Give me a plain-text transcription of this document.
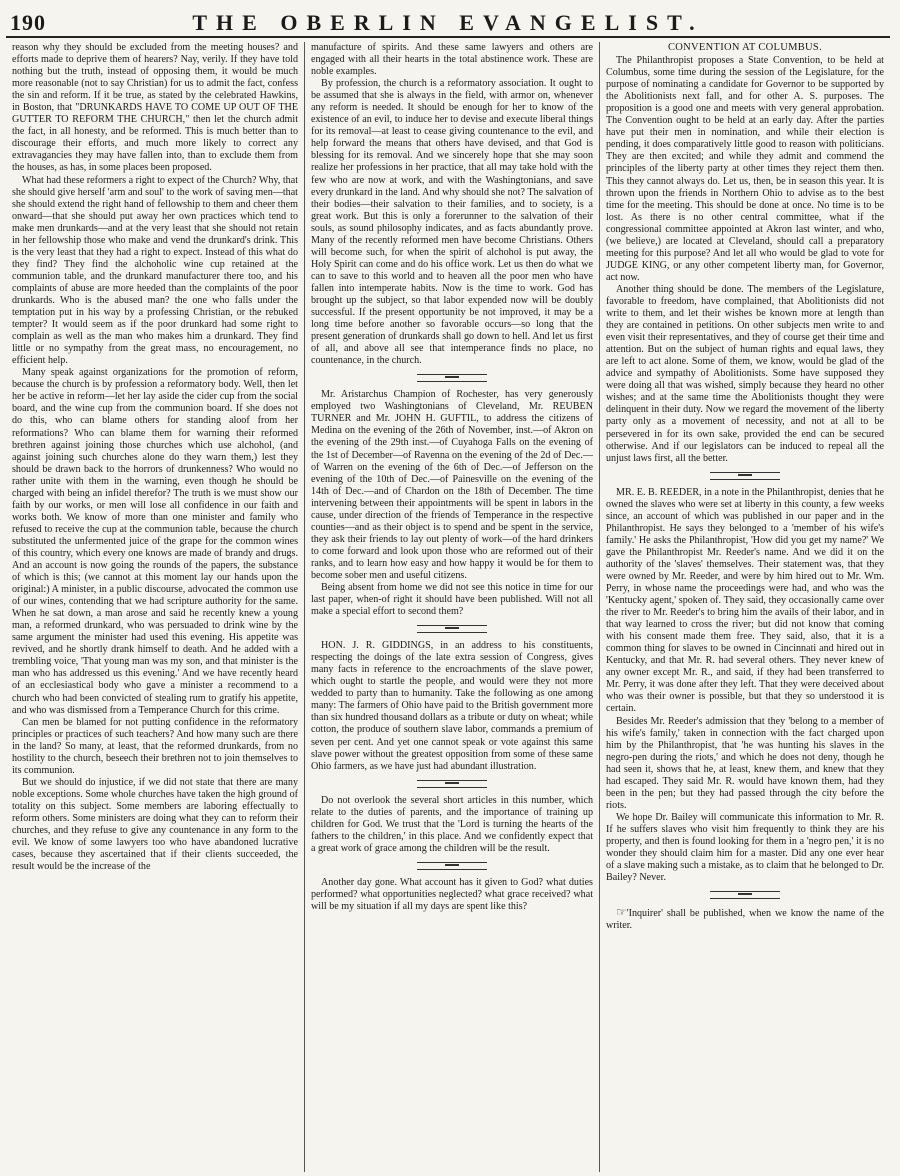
190	THE OBERLIN EVANGELIST.

reason why they should be excluded from the meeting houses? and efforts made to deprive them of hearers? Nay, verily. If they have told nothing but the truth, instead of opposing them, it would be much more reasonable (not to say Christian) for us to admit the fact, confess the sin and reform. If it be true, as stated by the celebrated Hawkins, in Boston, that "DRUNKARDS HAVE TO COME UP OUT OF THE GUTTER TO REFORM THE CHURCH," then let the church admit the fact, in all honesty, and be reformed. This is much better than to discourage their efforts, and much more likely to correct any extravagancies they may have fallen into, than to exclude them from the houses, as has, in some places been proposed.

What had these reformers a right to expect of the Church? Why, that she should give herself 'arm and soul' to the work of saving men—that she should extend the right hand of fellowship to them and cheer them onward—that she should put away her own practices which tend to make men drunkards—and at the very least that she should not retain in her fellowship those who make and vend the drunkard's drink. This is the very least that they had a right to expect. Instead of this what do they find? They find the alchoholic wine cup retained at the communion table, and the drunkard manufacturer there too, and his complaints of abuse are more heeded than the complaints of the poor drunkards. Who is the abused man? the one who falls under the temptation put in his way by a professing Christian, or the rebuked tempter? It would seem as if the poor drunkard had some right to complain as well as the man who makes him a drunkard. They find little or no sympathy from the great mass, no encouragement, no efficient help.

Many speak against organizations for the promotion of reform, because the church is by profession a reformatory body. Well, then let her be active in reform—let her lay aside the cider cup from the social board, and the wine cup from the communion board. If she does not do this, who can blame others for standing aloof from her reformations? Who can blame them for warning their reformed brethren against joining those churches which use alchohol, (and against joining such churches alone do they warn them,) lest they should be drawn back to the horrors of drunkenness? Who would no rather unite with them in the warning, even though he should be charged with being an infidel therefor? The truth is we must show our faith by our works, or men will lose all confidence in our faith and works both. We know of more than one minister and family who refused to receive the cup at the communion table, because the church substituted the unfermented juice of the grape for the common wines of this country, which every one knows are made of brandy and drugs. And an account is now going the rounds of the papers, the substance of which is this; (we cannot at this moment lay our hands upon the original:) A minister, in a public discourse, advocated the common use of our wines, contending that we had scripture authority for the same. When he sat down, a man arose and said he recently knew a young man, a reformed drunkard, who was persuaded to drink wine by the same argument the minister had used this evening. His appetite was revived, and he shortly drank himself to death. And he added with a trembling voice, 'That young man was my son, and that minister is the man who has addressed us this evening.' And we have recently heard of an ecclesiastical body who gave a minister a recommend to a church who had been convicted of stealing rum to gratify his appetite, and who was dismissed from a Temperance Church for this crime.

Can men be blamed for not putting confidence in the reformatory principles or practices of such teachers? And how many such are there in the land? So many, at least, that the reformed drunkards, from no hostility to the church, beseech their brethren not to join themselves to its communion.

But we should do injustice, if we did not state that there are many noble exceptions. Some whole churches have taken the high ground of totality on this subject. Some members are laboring effectually to reform others. Some ministers are doing what they can to reform their churches, and they refuse to give any countenance in any form to the evil. We know of some lawyers too who have abandoned lucrative cases, because they ascertained that if their clients succeeded, the result would be the increase of the

manufacture of spirits. And these same lawyers and others are engaged with all their hearts in the total abstinence work. These are noble examples.

By profession, the church is a reformatory association. It ought to be assumed that she is always in the field, with armor on, whenever any reform is needed. It should be enough for her to know of the existence of an evil, to induce her to devise and execute liberal things for its removal—at least to cease giving countenance to the evil, and help forward the means that others have devised, and that God is blessing for its removal. And we sincerely hope that she may soon realize her professions in her practice, that all may take hold with the few who are now at work, and with the Washingtonians, and save every drunkard in the land. And why should she not? The salvation of their bodies—their salvation to their families, and to society, is a great work. But this is only a forerunner to the salvation of their souls, as sound philosophy indicates, and as facts abundantly prove. Many of the recently reformed men have become Christians. Others will become such, for when the spirit of alchohol is put away, the Holy Spirit can come and do his office work. Let us then do what we can to save to this world and to heaven all the poor men who have fallen into intemperate habits. Now is the time to work. God has brought up the subject, so that labor expended now will be doubly successful. If the present opportunity be not improved, it may be a long time before another so favorable occurs—so long that the present generation of drunkards shall go down to hell. And let us first of all, and above all see that intemperance finds no place, no countenance, in the church.

Mr. Aristarchus Champion of Rochester, has very generously employed two Washingtonians of Cleveland, Mr. REUBEN TURNER and Mr. JOHN H. GUFTIL, to address the citizens of Medina on the evening of the 26th of November, inst.—of Akron on the evening of the 29th inst.—of Cuyahoga Falls on the evening of the 1st of December—of Ravenna on the evening of the 2d of Dec.—of Warren on the evening of the 6th of Dec.—of Jefferson on the evening of the 10th of Dec.—of Painesville on the evening of the 14th of Dec.—and of Chardon on the 18th of December. The time intervening between their appointments will be spent in labors in the cause, under direction of the friends of Temperance in the respective counties—and as their object is to spend and be spent in the service, they ask their friends to lay out plenty of work—of the hard drinkers to come forward and look upon those who are reformed out of their ranks, and to learn how easy and how happy it would be for them to become sober men and useful citizens.

Being absent from home we did not see this notice in time for our last paper, when-of right it should have been published. Will not all make a special effort to second them?

HON. J. R. GIDDINGS, in an address to his constituents, respecting the doings of the late extra session of Congress, gives many facts in reference to the encroachments of the slave power, which ought to startle the people, and would were they not more wedded to party than to humanity. Take the following as one among many: The farmers of Ohio have paid to the British government more than six hundred thousand dollars as a tribute or duty on wheat; while cotton, the produce of southern slave labor, commands a premium of seven per cent. And yet one cannot speak or vote against this same slave power without the greatest opposition from some of these same Ohio farmers, as we have just had abundant illustration.

Do not overlook the several short articles in this number, which relate to the duties of parents, and the importance of training up children for God. We trust that the 'Lord is turning the hearts of the fathers to the children,' in this place. And we confidently expect that a great work of grace among the children will be the result.

Another day gone. What account has it given to God? what duties performed? what opportunities neglected? what grace received? what will be my situation if all my days are spent like this?

CONVENTION AT COLUMBUS.

The Philanthropist proposes a State Convention, to be held at Columbus, some time during the session of the Legislature, for the purpose of nominating a candidate for Governor to be supported by the Abolitionists next fall, and for other A. S. purposes. The proposition is a good one and meets with very general approbation. The Convention ought to be held at an early day. After the parties have put their men in nomination, and while their election is pending, it does comparatively little good to reason with politicians. They are then excited; and while they admit and commend the principles of the liberty party at other times they reject them then. This they cannot always do. Let us, then, be in season this year. It is thrown upon the friends in Northern Ohio to advise as to the best time for the meeting. This should be done at once. No time is to be lost. As there is no other central committee, what if the congressional committee appointed at Akron last winter, and who, (we believe,) are located at Cleveland, should call a preparatory meeting for this purpose? And let all who would be glad to vote for JUDGE KING, or any other competent liberty man, for Governor, act now.

Another thing should be done. The members of the Legislature, favorable to freedom, have complained, that Abolitionists did not write to them, and let their wishes be known more at length than they are contained in petitions. On other subjects men write to and even visit their representatives, and they of course get their time and attention. But on the subject of human rights and equal laws, they are left to act alone. Some of them, we know, would be glad of the advice and sympathy of Abolitionists. Some have supposed they were doing all that was wished, simply because they heard no other wishes; and at the same time the Abolitionists thought they were delinquent in their duty. Now we regard the movement of the liberty party only as a movement of necessity, and not at all to be persevered in for its own sake, provided the end can be secured otherwise. And if our legislators can be induced to repeal all the unjust laws first, all the better.

MR. E. B. REEDER, in a note in the Philanthropist, denies that he owned the slaves who were set at liberty in this county, a few weeks since, an account of which was published in our paper and in the Philanthropist. He says they belonged to a 'member of his wife's family.' He asks the Philanthropist, 'How did you get my name?' We gave the Philanthropist Mr. Reeder's name. And we did it on the authority of the 'slaves' themselves. Their statement was, that they were owned by Mr. Reeder, and were by him hired out to Mr. Wm. Perry, in whose name the proceedings were had, and who was the 'Kentucky agent,' spoken of. They said, they occasionally came over the river to Mr. Reeder's to bring him the avails of their labor, and in that way learned to cross the river; but did not know that coming with his consent made them free. They said, also, that it is a common thing for slaves to be owned in Cincinnati and hired out in Kentucky, and that Mr. R. had several others. They never knew of any owner except Mr. R., and said, if they had been transferred to Mr. Perry, it was done after they left. That they were deceived about who was their owner is possible, but that they so understood it is certain.

Besides Mr. Reeder's admission that they 'belong to a member of his wife's family,' taken in connection with the fact charged upon him by the Philanthropist, that 'he was hunting his slaves in the negro-pen during the riots,' and which he does not deny, though he had seen it, shows that he, at least, knew them, and knew that they had escaped. They said Mr. R. would have known them, had they been in the pen; but they had passed through the city before the riots.

We hope Dr. Bailey will communicate this information to Mr. R. If he suffers slaves who visit him frequently to think they are his property, and then is found looking for them in a 'negro pen,' it is no wonder they should claim him for a master. Did any one ever hear of a slave making such a mistake, as to claim that he belonged to Dr. Bailey? Never.

☞'Inquirer' shall be published, when we know the name of the writer.
